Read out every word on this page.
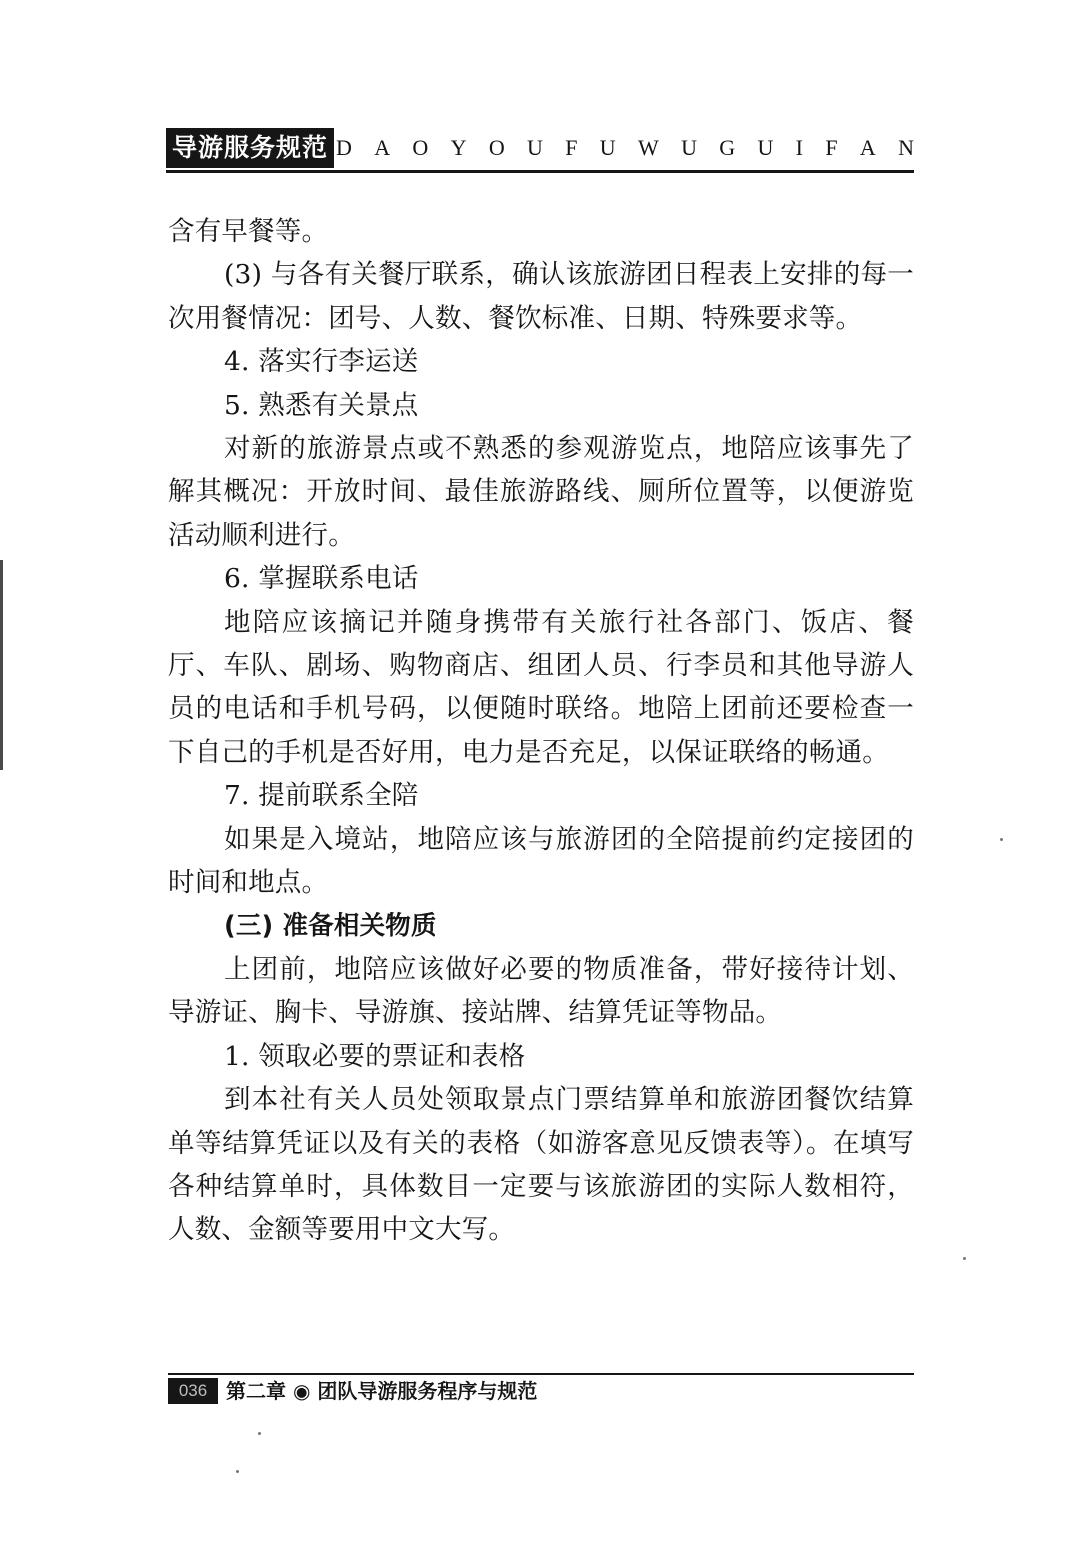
导游服务规范 D A O Y O U F U W U G U I F A N

含有早餐等。

(3) 与各有关餐厅联系，确认该旅游团日程表上安排的每一次用餐情况：团号、人数、餐饮标准、日期、特殊要求等。

4. 落实行李运送

5. 熟悉有关景点

对新的旅游景点或不熟悉的参观游览点，地陪应该事先了解其概况：开放时间、最佳旅游路线、厕所位置等，以便游览活动顺利进行。

6. 掌握联系电话

地陪应该摘记并随身携带有关旅行社各部门、饭店、餐厅、车队、剧场、购物商店、组团人员、行李员和其他导游人员的电话和手机号码，以便随时联络。地陪上团前还要检查一下自己的手机是否好用，电力是否充足，以保证联络的畅通。

7. 提前联系全陪

如果是入境站，地陪应该与旅游团的全陪提前约定接团的时间和地点。

(三) 准备相关物质

上团前，地陪应该做好必要的物质准备，带好接待计划、导游证、胸卡、导游旗、接站牌、结算凭证等物品。

1. 领取必要的票证和表格

到本社有关人员处领取景点门票结算单和旅游团餐饮结算单等结算凭证以及有关的表格（如游客意见反馈表等）。在填写各种结算单时，具体数目一定要与该旅游团的实际人数相符，人数、金额等要用中文大写。

036 第二章 ◉ 团队导游服务程序与规范
